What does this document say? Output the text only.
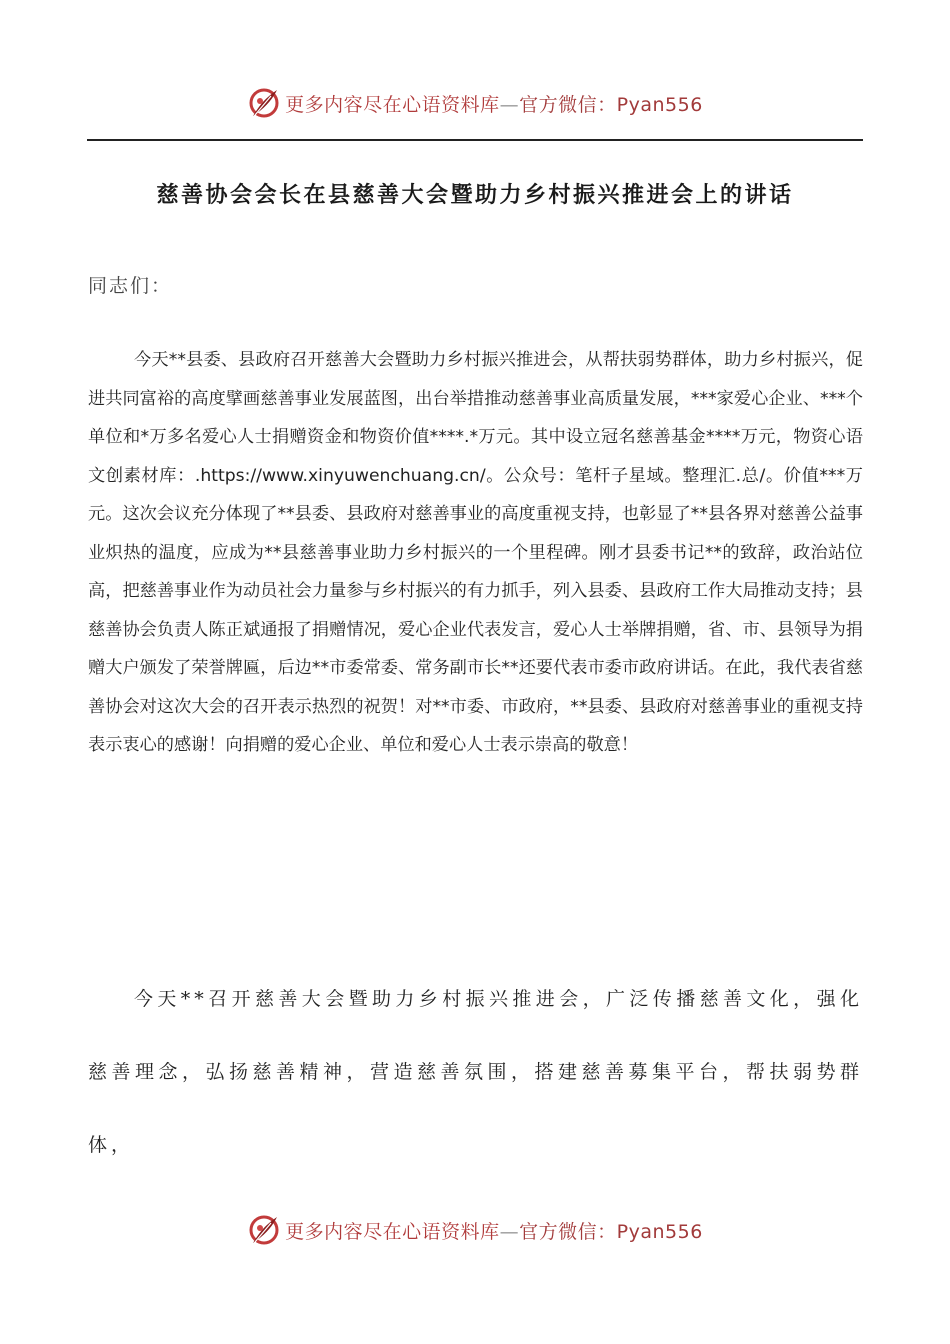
更多内容尽在心语资料库—官方微信：Pyan556
慈善协会会长在县慈善大会暨助力乡村振兴推进会上的讲话
同志们：
今天**县委、县政府召开慈善大会暨助力乡村振兴推进会，从帮扶弱势群体，助力乡村振兴，促进共同富裕的高度擘画慈善事业发展蓝图，出台举措推动慈善事业高质量发展，***家爱心企业、***个单位和*万多名爱心人士捐赠资金和物资价值****.*万元。其中设立冠名慈善基金****万元，物资心语文创素材库：.https://www.xinyuwenchuang.cn/。公众号：笔杆子星域。整理汇.总/。价值***万元。这次会议充分体现了**县委、县政府对慈善事业的高度重视支持，也彰显了**县各界对慈善公益事业炽热的温度，应成为**县慈善事业助力乡村振兴的一个里程碑。刚才县委书记**的致辞，政治站位高，把慈善事业作为动员社会力量参与乡村振兴的有力抓手，列入县委、县政府工作大局推动支持；县慈善协会负责人陈正斌通报了捐赠情况，爱心企业代表发言，爱心人士举牌捐赠，省、市、县领导为捐赠大户颁发了荣誉牌匾，后边**市委常委、常务副市长**还要代表市委市政府讲话。在此，我代表省慈善协会对这次大会的召开表示热烈的祝贺！对**市委、市政府，**县委、县政府对慈善事业的重视支持表示衷心的感谢！向捐赠的爱心企业、单位和爱心人士表示崇高的敬意！
今天**召开慈善大会暨助力乡村振兴推进会，广泛传播慈善文化，强化慈善理念，弘扬慈善精神，营造慈善氛围，搭建慈善募集平台，帮扶弱势群体，
更多内容尽在心语资料库—官方微信：Pyan556
